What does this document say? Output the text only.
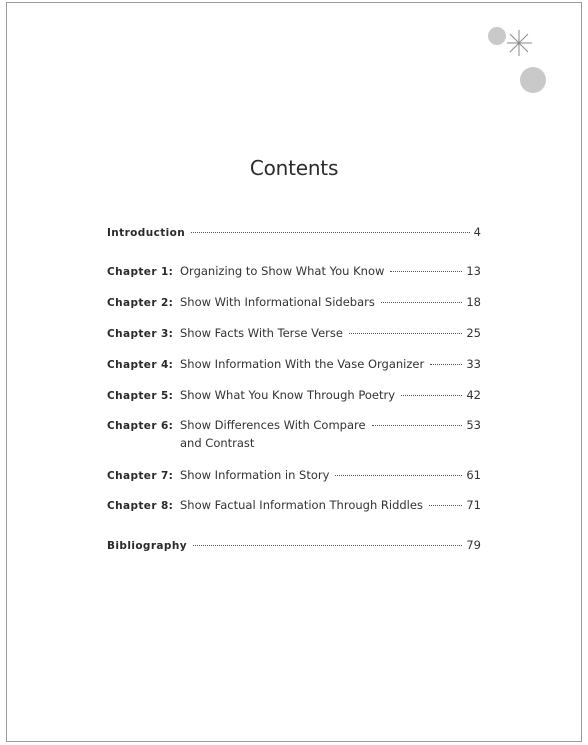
Contents
Introduction	4
Chapter 1: Organizing to Show What You Know	13
Chapter 2: Show With Informational Sidebars	18
Chapter 3: Show Facts With Terse Verse	25
Chapter 4: Show Information With the Vase Organizer	33
Chapter 5: Show What You Know Through Poetry	42
Chapter 6: Show Differences With Compare	53
and Contrast
Chapter 7: Show Information in Story	61
Chapter 8: Show Factual Information Through Riddles	71
Bibliography	79
